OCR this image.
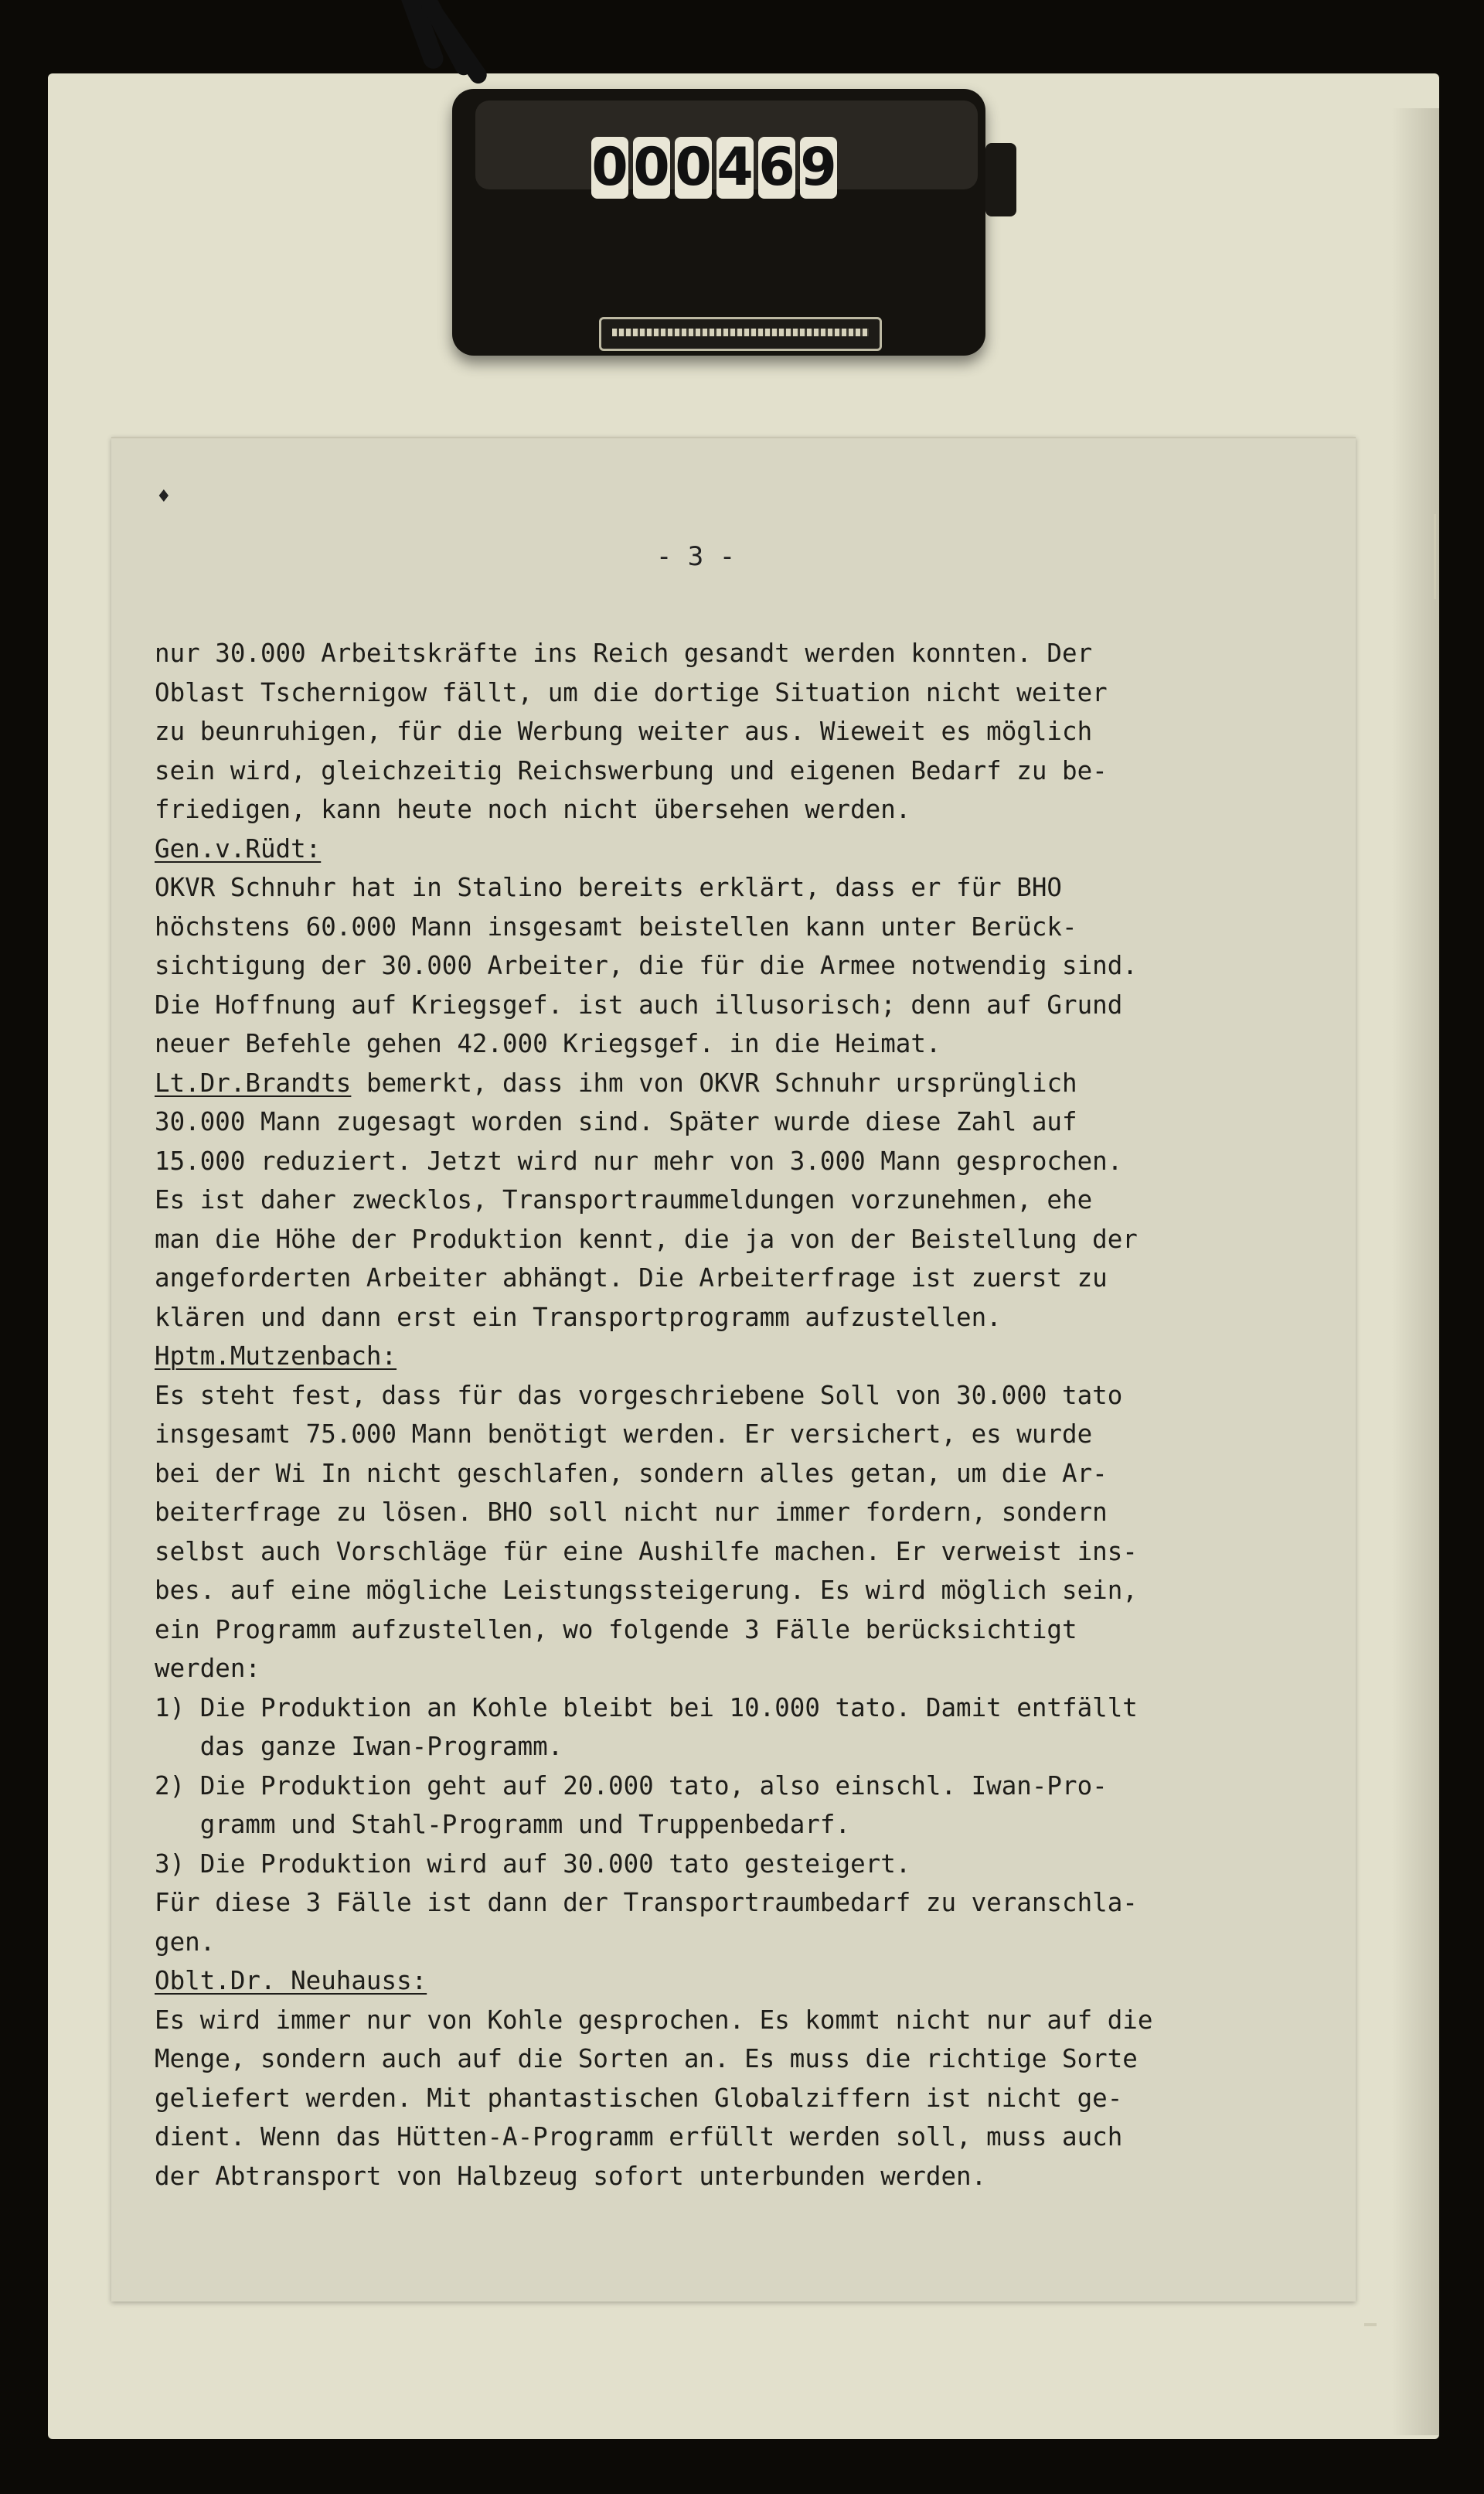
0 0 0 4 6 9
♦
- 3 -
nur 30.000 Arbeitskräfte ins Reich gesandt werden konnten. Der
Oblast Tschernigow fällt, um die dortige Situation nicht weiter
zu beunruhigen, für die Werbung weiter aus. Wieweit es möglich
sein wird, gleichzeitig Reichswerbung und eigenen Bedarf zu be-
friedigen, kann heute noch nicht übersehen werden.
Gen.v.Rüdt:
OKVR Schnuhr hat in Stalino bereits erklärt, dass er für BHO
höchstens 60.000 Mann insgesamt beistellen kann unter Berück-
sichtigung der 30.000 Arbeiter, die für die Armee notwendig sind.
Die Hoffnung auf Kriegsgef. ist auch illusorisch; denn auf Grund
neuer Befehle gehen 42.000 Kriegsgef. in die Heimat.
Lt.Dr.Brandts bemerkt, dass ihm von OKVR Schnuhr ursprünglich
30.000 Mann zugesagt worden sind. Später wurde diese Zahl auf
15.000 reduziert. Jetzt wird nur mehr von 3.000 Mann gesprochen.
Es ist daher zwecklos, Transportraummeldungen vorzunehmen, ehe
man die Höhe der Produktion kennt, die ja von der Beistellung der
angeforderten Arbeiter abhängt. Die Arbeiterfrage ist zuerst zu
klären und dann erst ein Transportprogramm aufzustellen.
Hptm.Mutzenbach:
Es steht fest, dass für das vorgeschriebene Soll von 30.000 tato
insgesamt 75.000 Mann benötigt werden. Er versichert, es wurde
bei der Wi In nicht geschlafen, sondern alles getan, um die Ar-
beiterfrage zu lösen. BHO soll nicht nur immer fordern, sondern
selbst auch Vorschläge für eine Aushilfe machen. Er verweist ins-
bes. auf eine mögliche Leistungssteigerung. Es wird möglich sein,
ein Programm aufzustellen, wo folgende 3 Fälle berücksichtigt
werden:
1) Die Produktion an Kohle bleibt bei 10.000 tato. Damit entfällt
das ganze Iwan-Programm.
2) Die Produktion geht auf 20.000 tato, also einschl. Iwan-Pro-
gramm und Stahl-Programm und Truppenbedarf.
3) Die Produktion wird auf 30.000 tato gesteigert.
Für diese 3 Fälle ist dann der Transportraumbedarf zu veranschla-
gen.
Oblt.Dr. Neuhauss:
Es wird immer nur von Kohle gesprochen. Es kommt nicht nur auf die
Menge, sondern auch auf die Sorten an. Es muss die richtige Sorte
geliefert werden. Mit phantastischen Globalziffern ist nicht ge-
dient. Wenn das Hütten-A-Programm erfüllt werden soll, muss auch
der Abtransport von Halbzeug sofort unterbunden werden.
